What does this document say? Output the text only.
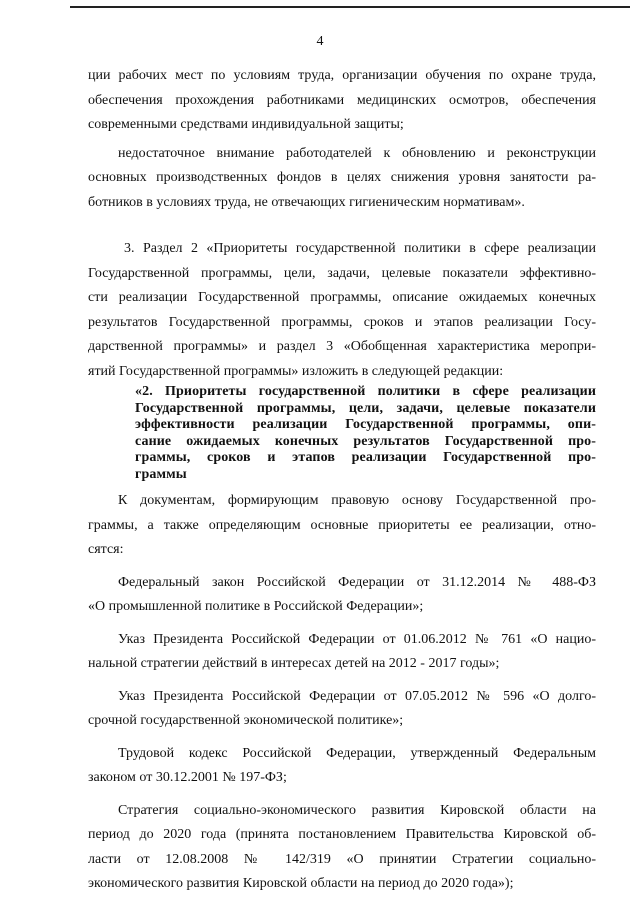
4
ции рабочих мест по условиям труда, организации обучения по охране труда,
обеспечения прохождения работниками медицинских осмотров, обеспечения
современными средствами индивидуальной защиты;
недостаточное внимание работодателей к обновлению и реконструкции
основных производственных фондов в целях снижения уровня занятости ра-
ботников в условиях труда, не отвечающих гигиеническим нормативам».
3. Раздел 2 «Приоритеты государственной политики в сфере реализации
Государственной программы, цели, задачи, целевые показатели эффективно-
сти реализации Государственной программы, описание ожидаемых конечных
результатов Государственной программы, сроков и этапов реализации Госу-
дарственной программы» и раздел 3 «Обобщенная характеристика меропри-
ятий Государственной программы» изложить в следующей редакции:
«2. Приоритеты государственной политики в сфере реализации
Государственной программы, цели, задачи, целевые показатели
эффективности реализации Государственной программы, опи-
сание ожидаемых конечных результатов Государственной про-
граммы, сроков и этапов реализации Государственной про-
граммы
К документам, формирующим правовую основу Государственной про-
граммы, а также определяющим основные приоритеты ее реализации, отно-
сятся:
Федеральный закон Российской Федерации от 31.12.2014 № 488-ФЗ
«О промышленной политике в Российской Федерации»;
Указ Президента Российской Федерации от 01.06.2012 № 761 «О нацио-
нальной стратегии действий в интересах детей на 2012 - 2017 годы»;
Указ Президента Российской Федерации от 07.05.2012 № 596 «О долго-
срочной государственной экономической политике»;
Трудовой кодекс Российской Федерации, утвержденный Федеральным
законом от 30.12.2001 № 197-ФЗ;
Стратегия социально-экономического развития Кировской области на
период до 2020 года (принята постановлением Правительства Кировской об-
ласти от 12.08.2008 № 142/319 «О принятии Стратегии социально-
экономического развития Кировской области на период до 2020 года»);
